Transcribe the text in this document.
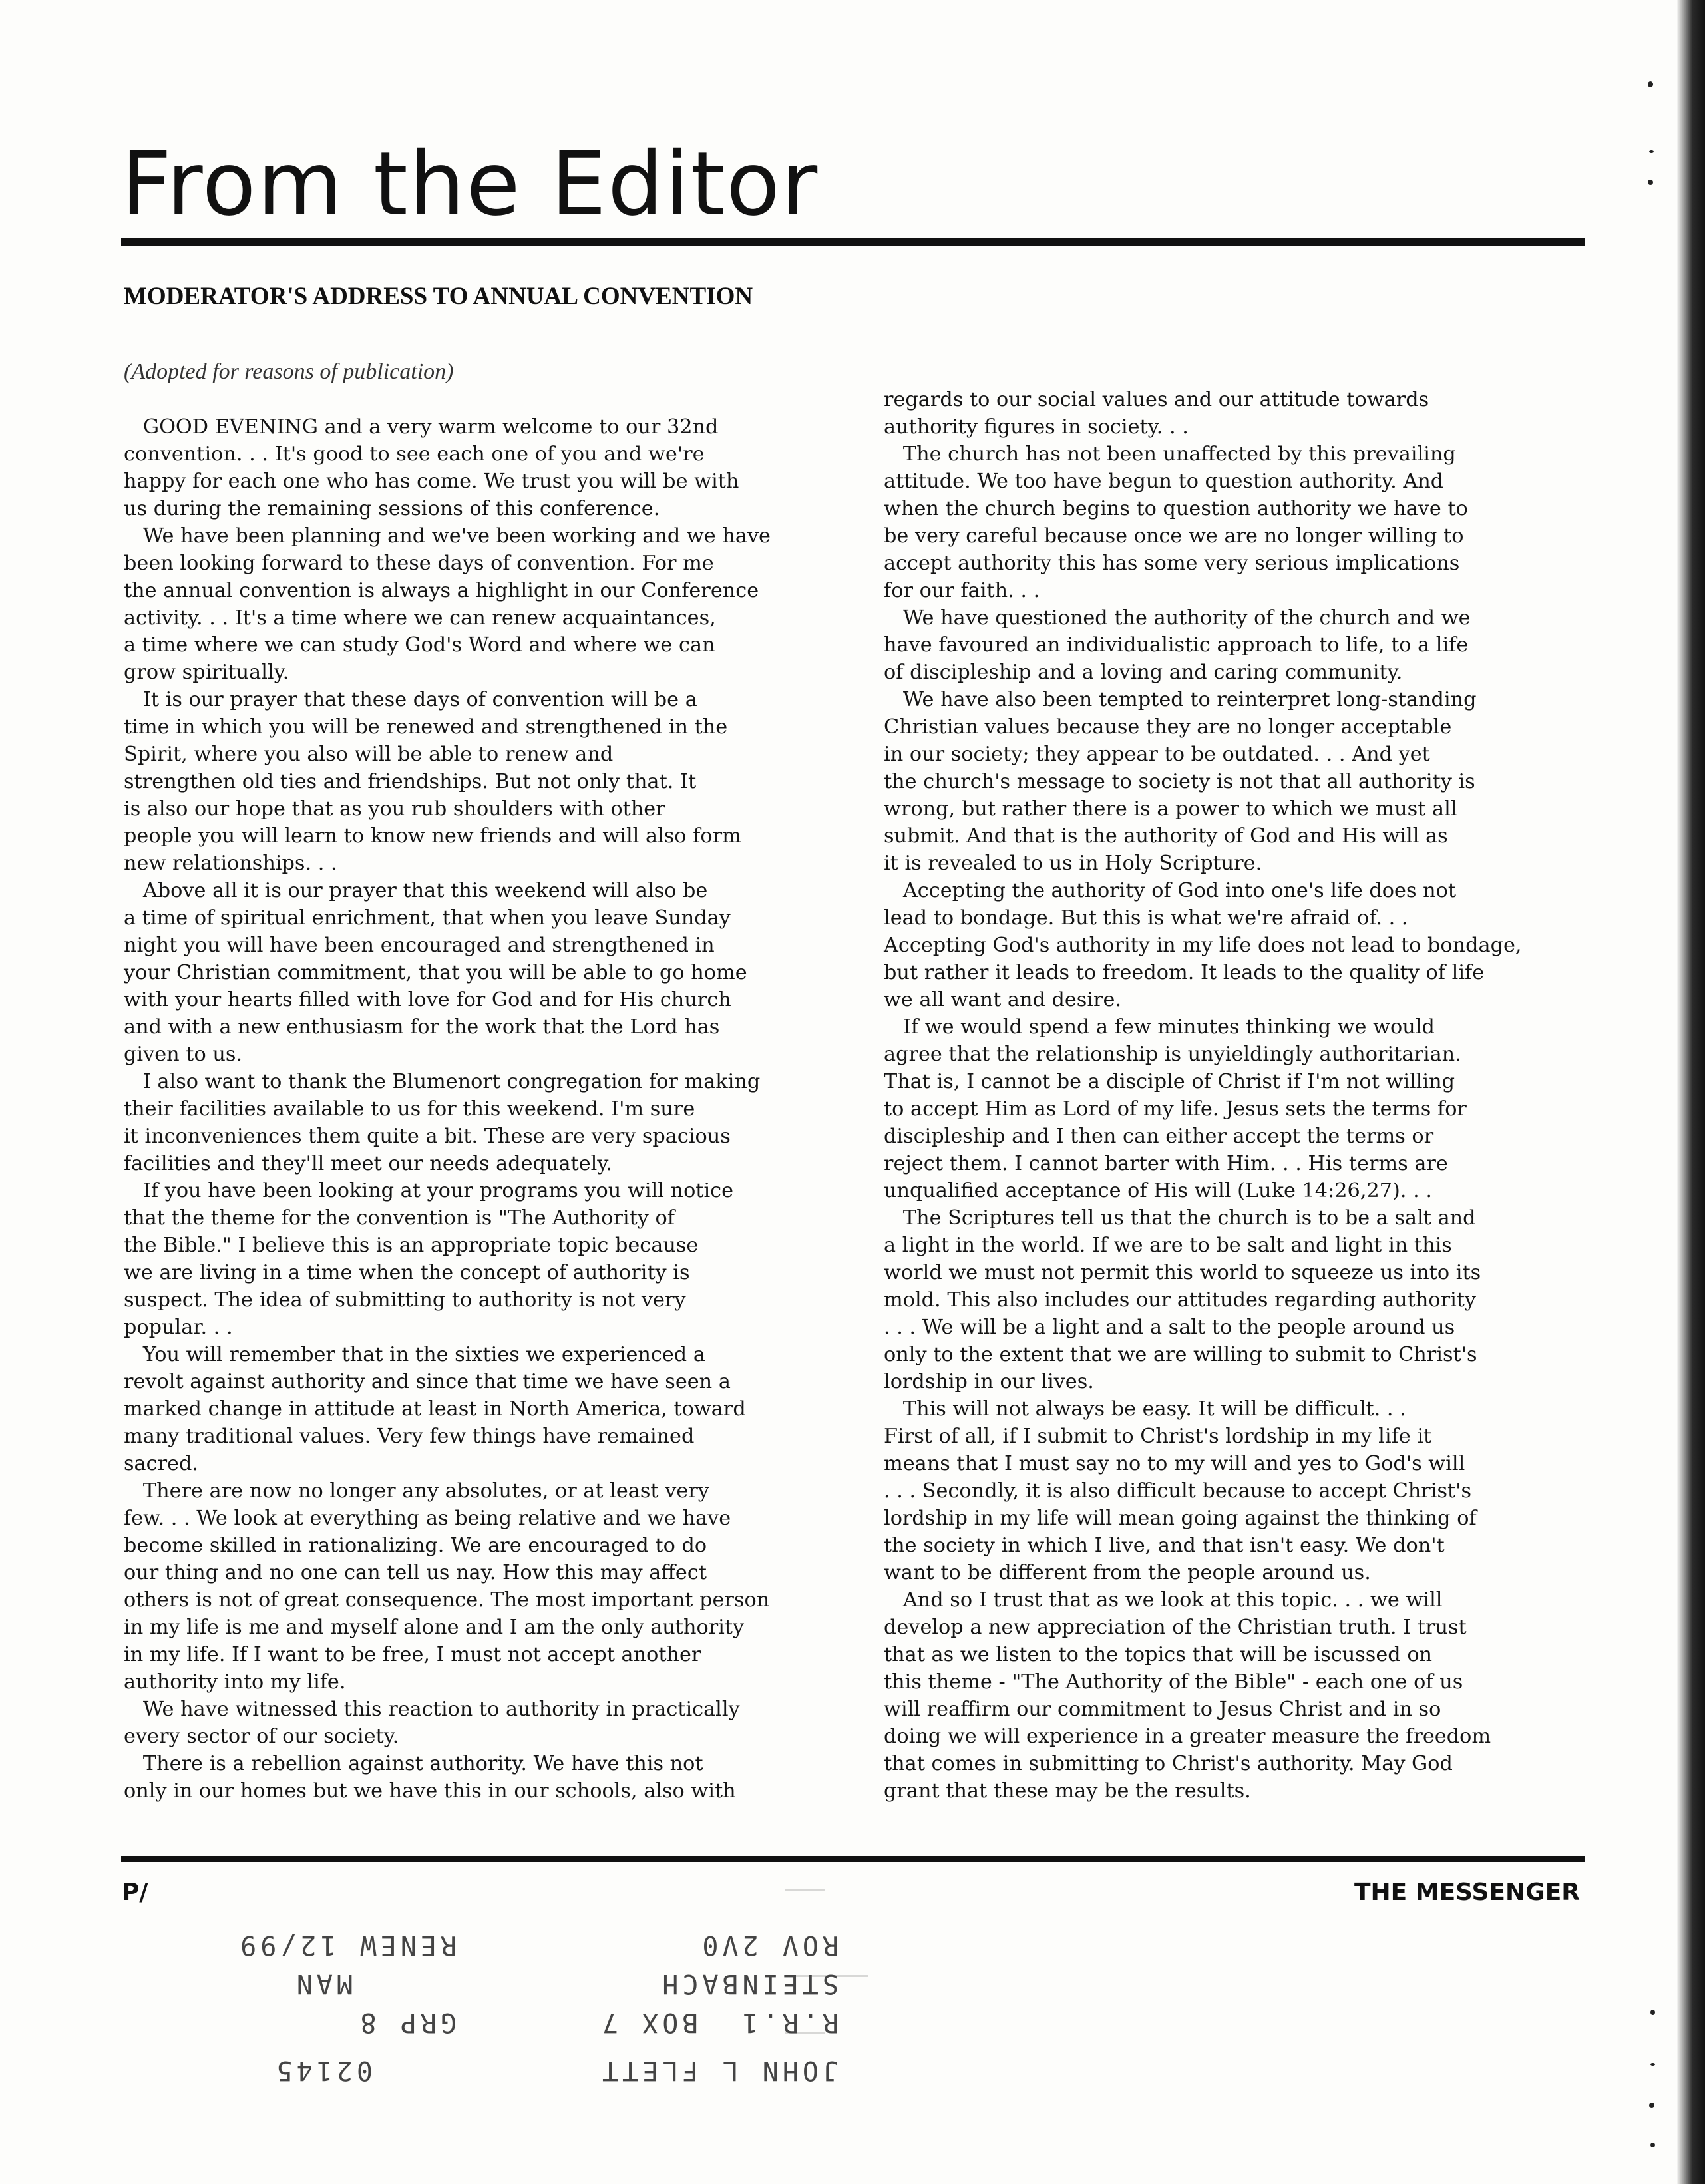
From the Editor
MODERATOR'S ADDRESS TO ANNUAL CONVENTION

(Adopted for reasons of publication)

GOOD EVENING and a very warm welcome to our 32nd

convention. . . It's good to see each one of you and we're

happy for each one who has come. We trust you will be with

us during the remaining sessions of this conference.

We have been planning and we've been working and we have

been looking forward to these days of convention. For me

the annual convention is always a highlight in our Conference

activity. . . It's a time where we can renew acquaintances,

a time where we can study God's Word and where we can

grow spiritually.

It is our prayer that these days of convention will be a

time in which you will be renewed and strengthened in the

Spirit, where you also will be able to renew and

strengthen old ties and friendships. But not only that. It

is also our hope that as you rub shoulders with other

people you will learn to know new friends and will also form

new relationships. . .

Above all it is our prayer that this weekend will also be

a time of spiritual enrichment, that when you leave Sunday

night you will have been encouraged and strengthened in

your Christian commitment, that you will be able to go home

with your hearts filled with love for God and for His church

and with a new enthusiasm for the work that the Lord has

given to us.

I also want to thank the Blumenort congregation for making

their facilities available to us for this weekend. I'm sure

it inconveniences them quite a bit. These are very spacious

facilities and they'll meet our needs adequately.

If you have been looking at your programs you will notice

that the theme for the convention is "The Authority of

the Bible." I believe this is an appropriate topic because

we are living in a time when the concept of authority is

suspect. The idea of submitting to authority is not very

popular. . .

You will remember that in the sixties we experienced a

revolt against authority and since that time we have seen a

marked change in attitude at least in North America, toward

many traditional values. Very few things have remained

sacred.

There are now no longer any absolutes, or at least very

few. . . We look at everything as being relative and we have

become skilled in rationalizing. We are encouraged to do

our thing and no one can tell us nay. How this may affect

others is not of great consequence. The most important person

in my life is me and myself alone and I am the only authority

in my life. If I want to be free, I must not accept another

authority into my life.

We have witnessed this reaction to authority in practically

every sector of our society.

There is a rebellion against authority. We have this not

only in our homes but we have this in our schools, also with

regards to our social values and our attitude towards

authority figures in society. . .

The church has not been unaffected by this prevailing

attitude. We too have begun to question authority. And

when the church begins to question authority we have to

be very careful because once we are no longer willing to

accept authority this has some very serious implications

for our faith. . .

We have questioned the authority of the church and we

have favoured an individualistic approach to life, to a life

of discipleship and a loving and caring community.

We have also been tempted to reinterpret long-standing

Christian values because they are no longer acceptable

in our society; they appear to be outdated. . . And yet

the church's message to society is not that all authority is

wrong, but rather there is a power to which we must all

submit. And that is the authority of God and His will as

it is revealed to us in Holy Scripture.

Accepting the authority of God into one's life does not

lead to bondage. But this is what we're afraid of. . .

Accepting God's authority in my life does not lead to bondage,

but rather it leads to freedom. It leads to the quality of life

we all want and desire.

If we would spend a few minutes thinking we would

agree that the relationship is unyieldingly authoritarian.

That is, I cannot be a disciple of Christ if I'm not willing

to accept Him as Lord of my life. Jesus sets the terms for

discipleship and I then can either accept the terms or

reject them. I cannot barter with Him. . . His terms are

unqualified acceptance of His will (Luke 14:26,27). . .

The Scriptures tell us that the church is to be a salt and

a light in the world. If we are to be salt and light in this

world we must not permit this world to squeeze us into its

mold. This also includes our attitudes regarding authority

. . . We will be a light and a salt to the people around us

only to the extent that we are willing to submit to Christ's

lordship in our lives.

This will not always be easy. It will be difficult. . .

First of all, if I submit to Christ's lordship in my life it

means that I must say no to my will and yes to God's will

. . . Secondly, it is also difficult because to accept Christ's

lordship in my life will mean going against the thinking of

the society in which I live, and that isn't easy. We don't

want to be different from the people around us.

And so I trust that as we look at this topic. . . we will

develop a new appreciation of the Christian truth. I trust

that as we listen to the topics that will be iscussed on

this theme - "The Authority of the Bible" - each one of us

will reaffirm our commitment to Jesus Christ and in so

doing we will experience in a greater measure the freedom

that comes in submitting to Christ's authority. May God

grant that these may be the results.

P/	THE MESSENGER

ROV 2V0
RENEW 12/99
STEINBACH
MAN
R.R.1  BOX 7
GRP 8
JOHN L FLETT
02145
